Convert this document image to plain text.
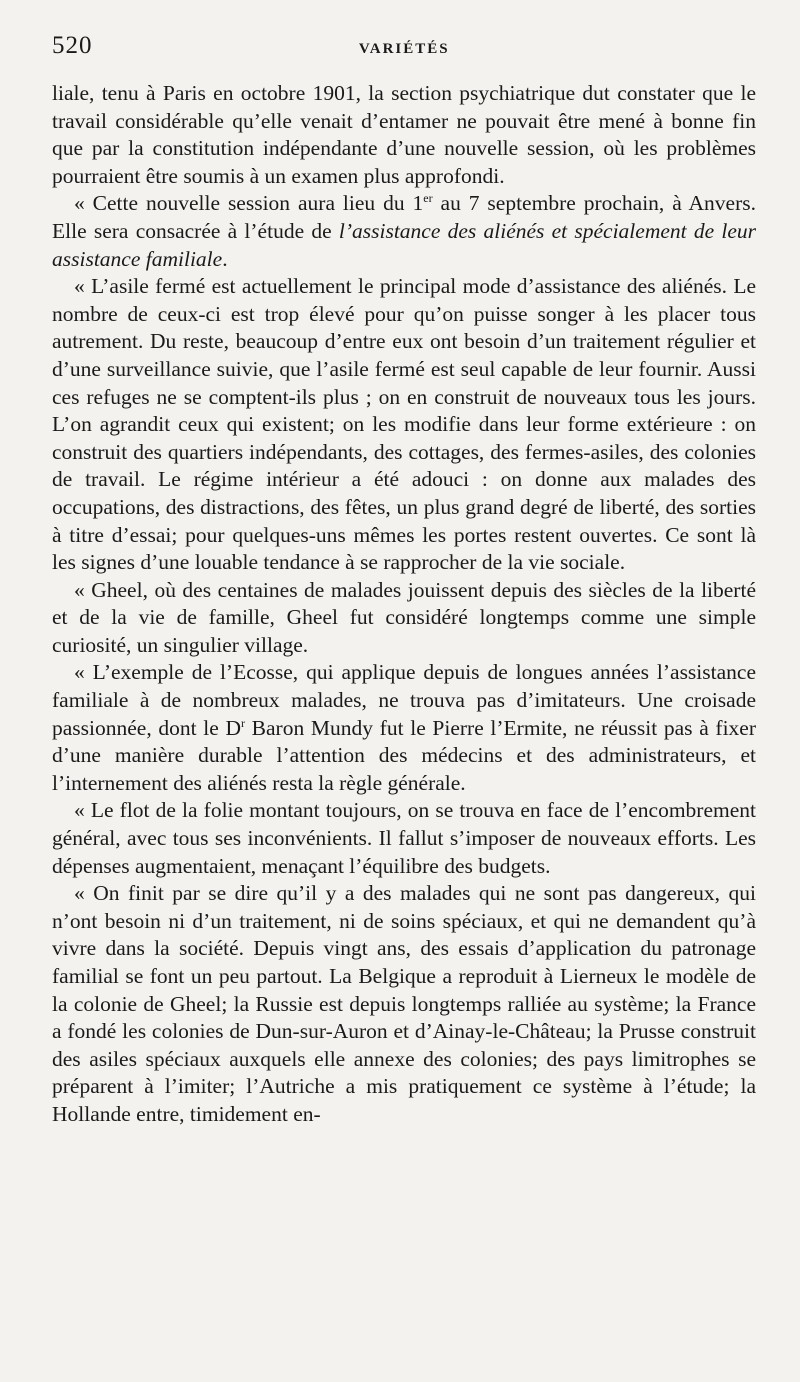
520	VARIÉTÉS

liale, tenu à Paris en octobre 1901, la section psychiatrique dut constater que le travail considérable qu’elle venait d’entamer ne pouvait être mené à bonne fin que par la constitution indépendante d’une nouvelle session, où les problèmes pourraient être soumis à un examen plus approfondi.

« Cette nouvelle session aura lieu du 1er au 7 septembre prochain, à Anvers. Elle sera consacrée à l’étude de l’assistance des aliénés et spécialement de leur assistance familiale.

« L’asile fermé est actuellement le principal mode d’assistance des aliénés. Le nombre de ceux-ci est trop élevé pour qu’on puisse songer à les placer tous autrement. Du reste, beaucoup d’entre eux ont besoin d’un traitement régulier et d’une surveillance suivie, que l’asile fermé est seul capable de leur fournir. Aussi ces refuges ne se comptent-ils plus ; on en construit de nouveaux tous les jours. L’on agrandit ceux qui existent; on les modifie dans leur forme extérieure : on construit des quartiers indépendants, des cottages, des fermes-asiles, des colonies de travail. Le régime intérieur a été adouci : on donne aux malades des occupations, des distractions, des fêtes, un plus grand degré de liberté, des sorties à titre d’essai; pour quelques-uns mêmes les portes restent ouvertes. Ce sont là les signes d’une louable tendance à se rapprocher de la vie sociale.

« Gheel, où des centaines de malades jouissent depuis des siècles de la liberté et de la vie de famille, Gheel fut considéré longtemps comme une simple curiosité, un singulier village.

« L’exemple de l’Ecosse, qui applique depuis de longues années l’assistance familiale à de nombreux malades, ne trouva pas d’imitateurs. Une croisade passionnée, dont le $D^r$ Baron Mundy fut le Pierre l’Ermite, ne réussit pas à fixer d’une manière durable l’attention des médecins et des administrateurs, et l’internement des aliénés resta la règle générale.

« Le flot de la folie montant toujours, on se trouva en face de l’encombrement général, avec tous ses inconvénients. Il fallut s’imposer de nouveaux efforts. Les dépenses augmentaient, menaçant l’équilibre des budgets.

« On finit par se dire qu’il y a des malades qui ne sont pas dangereux, qui n’ont besoin ni d’un traitement, ni de soins spéciaux, et qui ne demandent qu’à vivre dans la société. Depuis vingt ans, des essais d’application du patronage familial se font un peu partout. La Belgique a reproduit à Lierneux le modèle de la colonie de Gheel; la Russie est depuis longtemps ralliée au système; la France a fondé les colonies de Dun-sur-Auron et d’Ainay-le-Château; la Prusse construit des asiles spéciaux auxquels elle annexe des colonies; des pays limitrophes se préparent à l’imiter; l’Autriche a mis pratiquement ce système à l’étude; la Hollande entre, timidement en-
